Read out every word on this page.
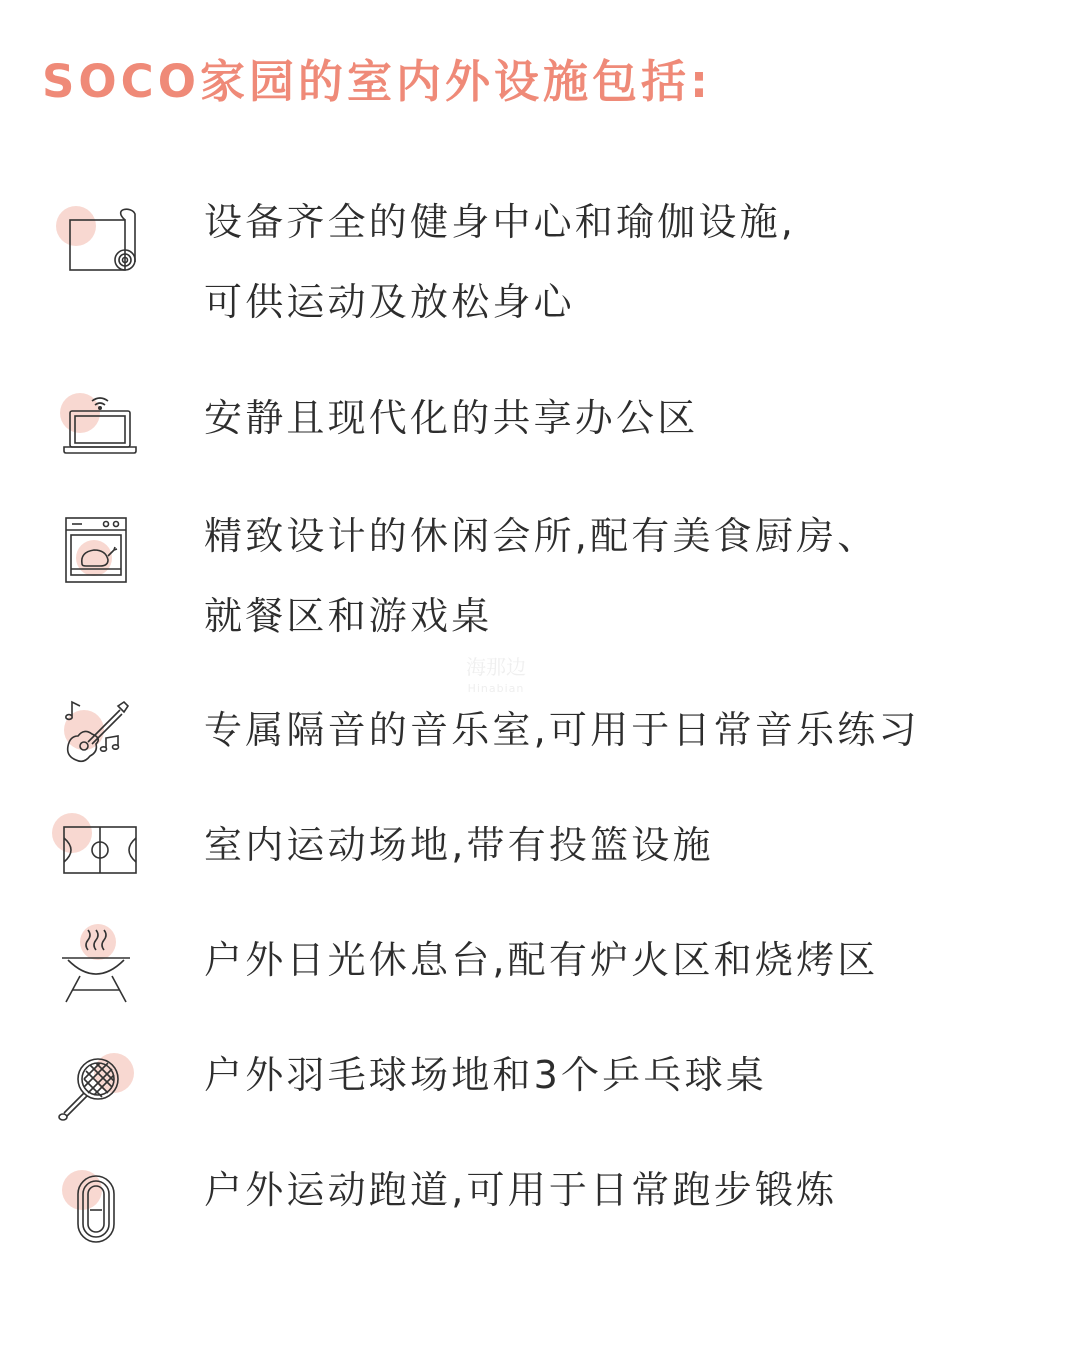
SOCO家园的室内外设施包括:
海那边
Hinabian
设备齐全的健身中心和瑜伽设施,
可供运动及放松身心
安静且现代化的共享办公区
精致设计的休闲会所,配有美食厨房、
就餐区和游戏桌
专属隔音的音乐室,可用于日常音乐练习
室内运动场地,带有投篮设施
户外日光休息台,配有炉火区和烧烤区
户外羽毛球场地和3个乒乓球桌
户外运动跑道,可用于日常跑步锻炼
